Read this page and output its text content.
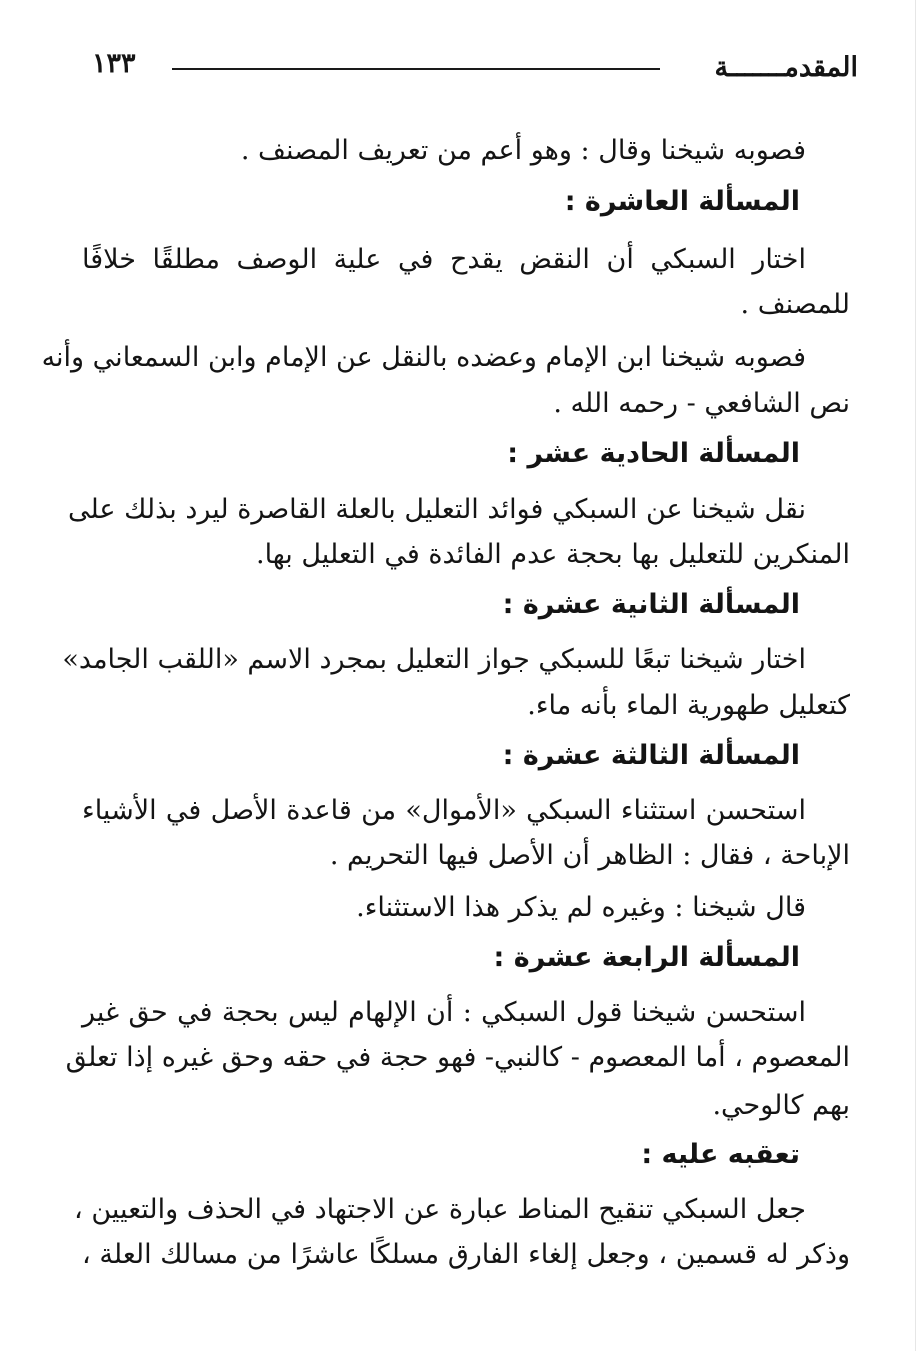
المقدمـــــــة
١٣٣
فصوبه شيخنا وقال : وهو أعم من تعريف المصنف .
المسألة العاشرة :
اختار السبكي أن النقض يقدح في علية الوصف مطلقًا خلافًا
للمصنف .
فصوبه شيخنا ابن الإمام وعضده بالنقل عن الإمام وابن السمعاني وأنه
نص الشافعي - رحمه الله .
المسألة الحادية عشر :
نقل شيخنا عن السبكي فوائد التعليل بالعلة القاصرة ليرد بذلك على
المنكرين للتعليل بها بحجة عدم الفائدة في التعليل بها.
المسألة الثانية عشرة :
اختار شيخنا تبعًا للسبكي جواز التعليل بمجرد الاسم «اللقب الجامد»
كتعليل طهورية الماء بأنه ماء.
المسألة الثالثة عشرة :
استحسن استثناء السبكي «الأموال» من قاعدة الأصل في الأشياء
الإباحة ، فقال : الظاهر أن الأصل فيها التحريم .
قال شيخنا : وغيره لم يذكر هذا الاستثناء.
المسألة الرابعة عشرة :
استحسن شيخنا قول السبكي : أن الإلهام ليس بحجة في حق غير
المعصوم ، أما المعصوم - كالنبي- فهو حجة في حقه وحق غيره إذا تعلق
بهم كالوحي.
تعقبه عليه :
جعل السبكي تنقيح المناط عبارة عن الاجتهاد في الحذف والتعيين ،
وذكر له قسمين ، وجعل إلغاء الفارق مسلكًا عاشرًا من مسالك العلة ،
